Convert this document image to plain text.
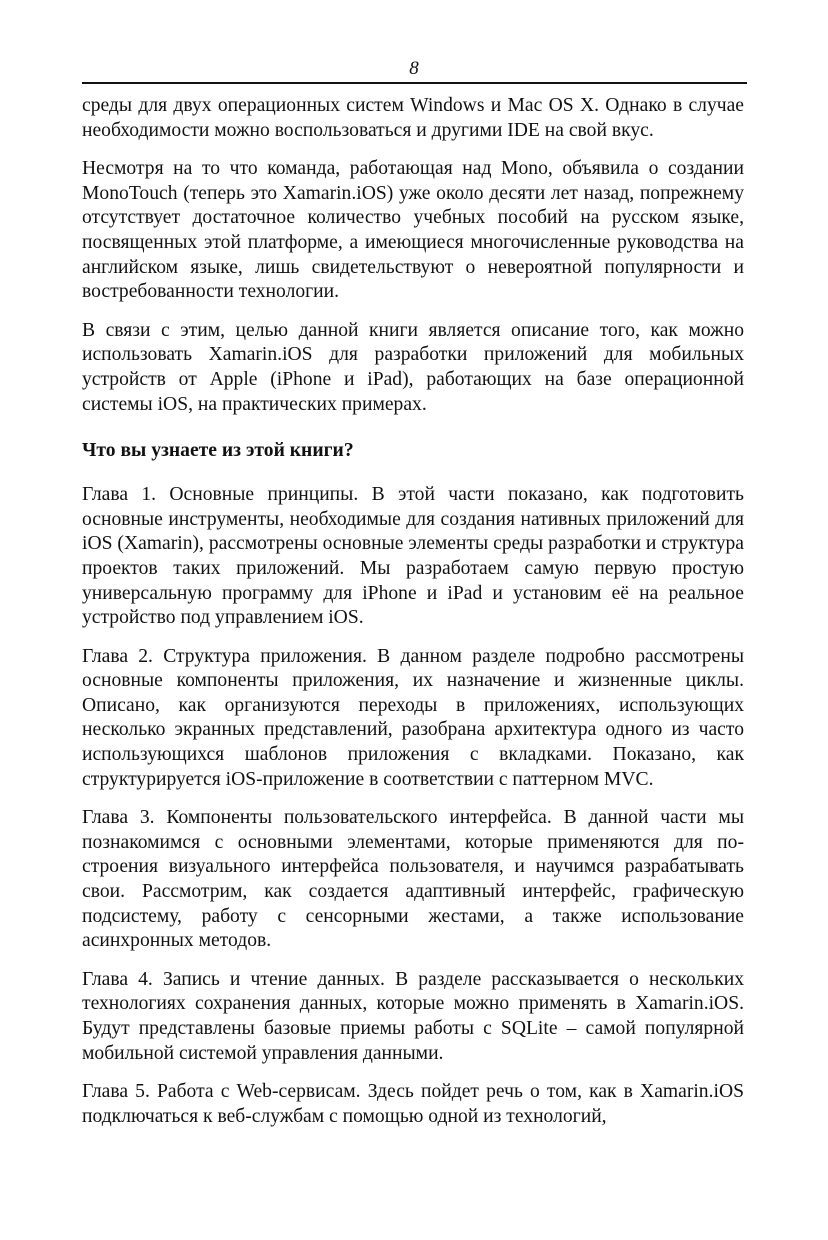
8

среды для двух операционных систем Windows и Mac OS X. Однако в случае необходимости можно воспользоваться и другими IDE на свой вкус.

Несмотря на то что команда, работающая над Mono, объявила о создании MonoTouch (теперь это Xamarin.iOS) уже около десяти лет назад, попрежнему отсутствует достаточное количество учебных пособий на русском языке, посвященных этой платформе, а имеющиеся многочисленные руководства на английском языке, лишь свидетельствуют о невероятной популярности и востребованности технологии.

В связи с этим, целью данной книги является описание того, как можно использовать Xamarin.iOS для разработки приложений для мобильных устройств от Apple (iPhone и iPad), работающих на базе операционной системы iOS, на практических примерах.

Что вы узнаете из этой книги?

Глава 1. Основные принципы. В этой части показано, как подготовить основные инструменты, необходимые для создания нативных приложений для iOS (Xamarin), рассмотрены основные элементы среды разработки и структура проектов таких приложений. Мы разработаем самую первую простую универсальную программу для iPhone и iPad и установим её на реальное устройство под управлением iOS.

Глава 2. Структура приложения. В данном разделе подробно рассмотрены основные компоненты приложения, их назначение и жизненные циклы. Описано, как организуются переходы в приложениях, использующих несколько экранных представлений, разобрана архитектура одного из часто использующихся шаблонов приложения с вкладками. Показано, как структурируется iOS-приложение в соответствии с паттерном MVC.

Глава 3. Компоненты пользовательского интерфейса. В данной части мы познакомимся с основными элементами, которые применяются для построения визуального интерфейса пользователя, и научимся разрабатывать свои. Рассмотрим, как создается адаптивный интерфейс, графическую подсистему, работу с сенсорными жестами, а также использование асинхронных методов.

Глава 4. Запись и чтение данных. В разделе рассказывается о нескольких технологиях сохранения данных, которые можно применять в Xamarin.iOS. Будут представлены базовые приемы работы с SQLite – самой популярной мобильной системой управления данными.

Глава 5. Работа с Web-сервисам. Здесь пойдет речь о том, как в Xamarin.iOS подключаться к веб-службам с помощью одной из технологий,
